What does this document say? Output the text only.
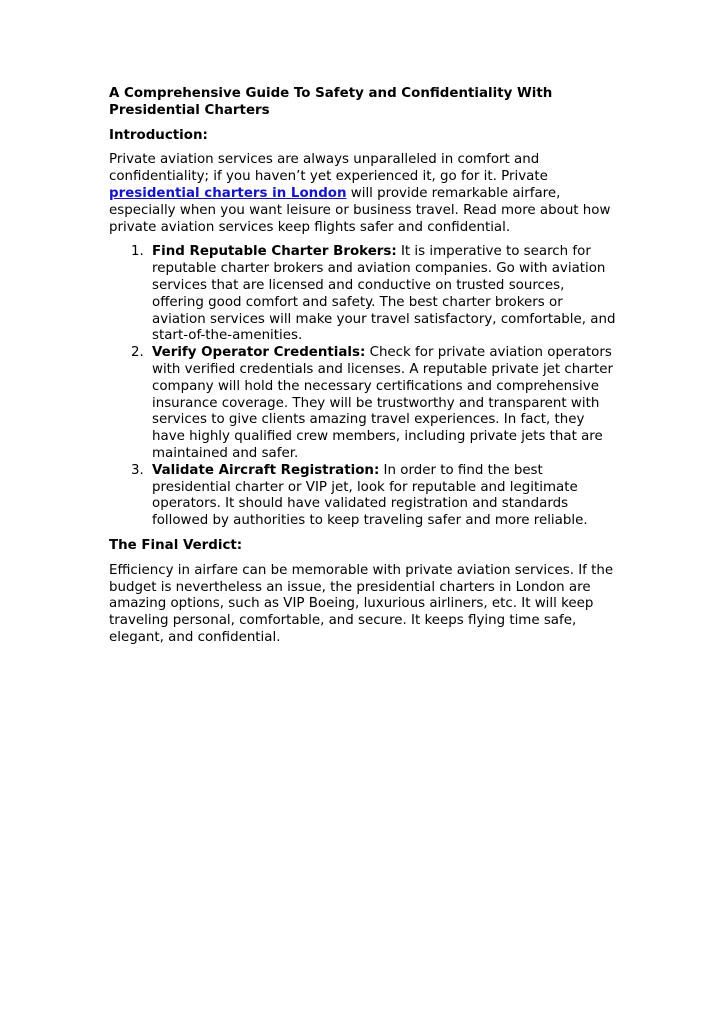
A Comprehensive Guide To Safety and Confidentiality With Presidential Charters
Introduction:

Private aviation services are always unparalleled in comfort and confidentiality; if you haven’t yet experienced it, go for it. Private presidential charters in London will provide remarkable airfare, especially when you want leisure or business travel. Read more about how private aviation services keep flights safer and confidential.

1. Find Reputable Charter Brokers: It is imperative to search for reputable charter brokers and aviation companies. Go with aviation services that are licensed and conductive on trusted sources, offering good comfort and safety. The best charter brokers or aviation services will make your travel satisfactory, comfortable, and start-of-the-amenities.
2. Verify Operator Credentials: Check for private aviation operators with verified credentials and licenses. A reputable private jet charter company will hold the necessary certifications and comprehensive insurance coverage. They will be trustworthy and transparent with services to give clients amazing travel experiences. In fact, they have highly qualified crew members, including private jets that are maintained and safer.
3. Validate Aircraft Registration: In order to find the best presidential charter or VIP jet, look for reputable and legitimate operators. It should have validated registration and standards followed by authorities to keep traveling safer and more reliable.
The Final Verdict:

Efficiency in airfare can be memorable with private aviation services. If the budget is nevertheless an issue, the presidential charters in London are amazing options, such as VIP Boeing, luxurious airliners, etc. It will keep traveling personal, comfortable, and secure. It keeps flying time safe, elegant, and confidential.
